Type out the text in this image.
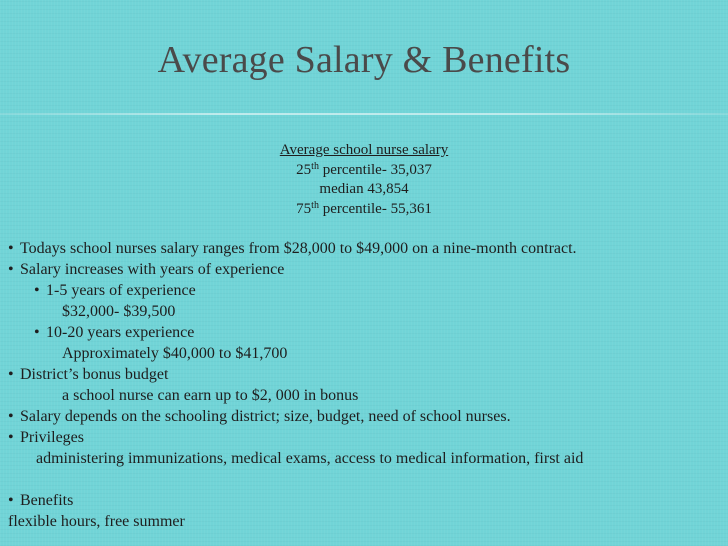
Average Salary & Benefits
Average school nurse salary
25th percentile- 35,037
median 43,854
75th percentile- 55,361
• Todays school nurses salary ranges from $28,000 to $49,000 on a nine-month contract.
• Salary increases with years of experience
• 1-5 years of experience
$32,000- $39,500
• 10-20 years experience
Approximately $40,000 to $41,700
• District’s bonus budget
a school nurse can earn up to $2, 000 in bonus
• Salary depends on the schooling district; size, budget, need of school nurses.
• Privileges
administering immunizations, medical exams, access to medical information, first aid
• Benefits
flexible hours, free summer
